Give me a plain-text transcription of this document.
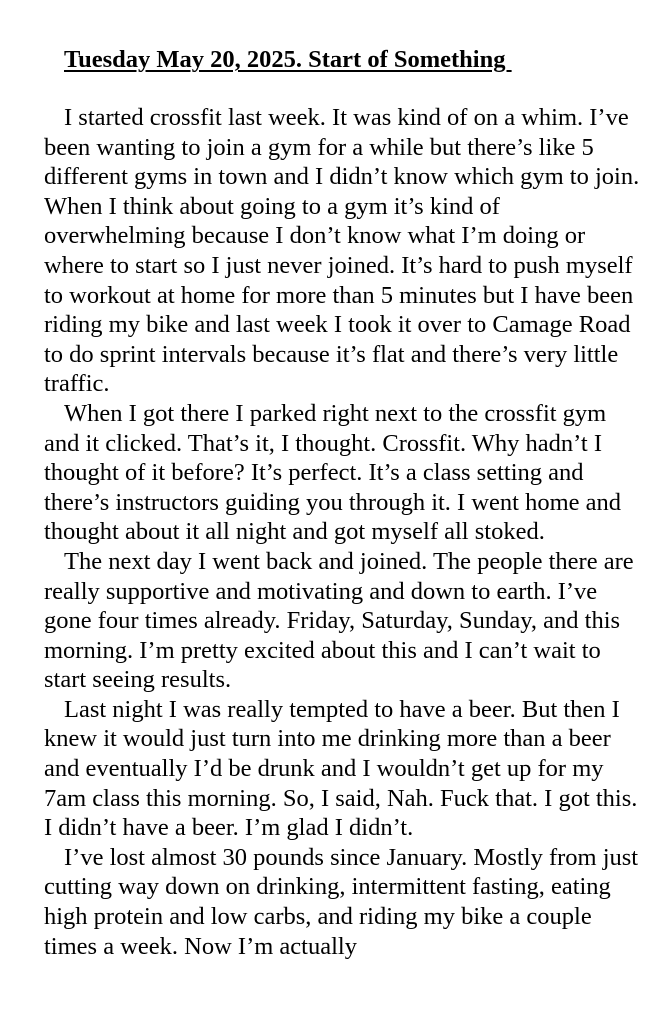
Tuesday May 20, 2025. Start of Something

I started crossfit last week. It was kind of on a whim. I’ve been wanting to join a gym for a while but there’s like 5 different gyms in town and I didn’t know which gym to join. When I think about going to a gym it’s kind of overwhelming because I don’t know what I’m doing or where to start so I just never joined. It’s hard to push myself to workout at home for more than 5 minutes but I have been riding my bike and last week I took it over to Camage Road to do sprint intervals because it’s flat and there’s very little traffic.

When I got there I parked right next to the crossfit gym and it clicked. That’s it, I thought. Crossfit. Why hadn’t I thought of it before? It’s perfect. It’s a class setting and there’s instructors guiding you through it. I went home and thought about it all night and got myself all stoked.

The next day I went back and joined. The people there are really supportive and motivating and down to earth. I’ve gone four times already. Friday, Saturday, Sunday, and this morning. I’m pretty excited about this and I can’t wait to start seeing results.

Last night I was really tempted to have a beer. But then I knew it would just turn into me drinking more than a beer and eventually I’d be drunk and I wouldn’t get up for my 7am class this morning. So, I said, Nah. Fuck that. I got this. I didn’t have a beer. I’m glad I didn’t.

I’ve lost almost 30 pounds since January. Mostly from just cutting way down on drinking, intermittent fasting, eating high protein and low carbs, and riding my bike a couple times a week. Now I’m actually
